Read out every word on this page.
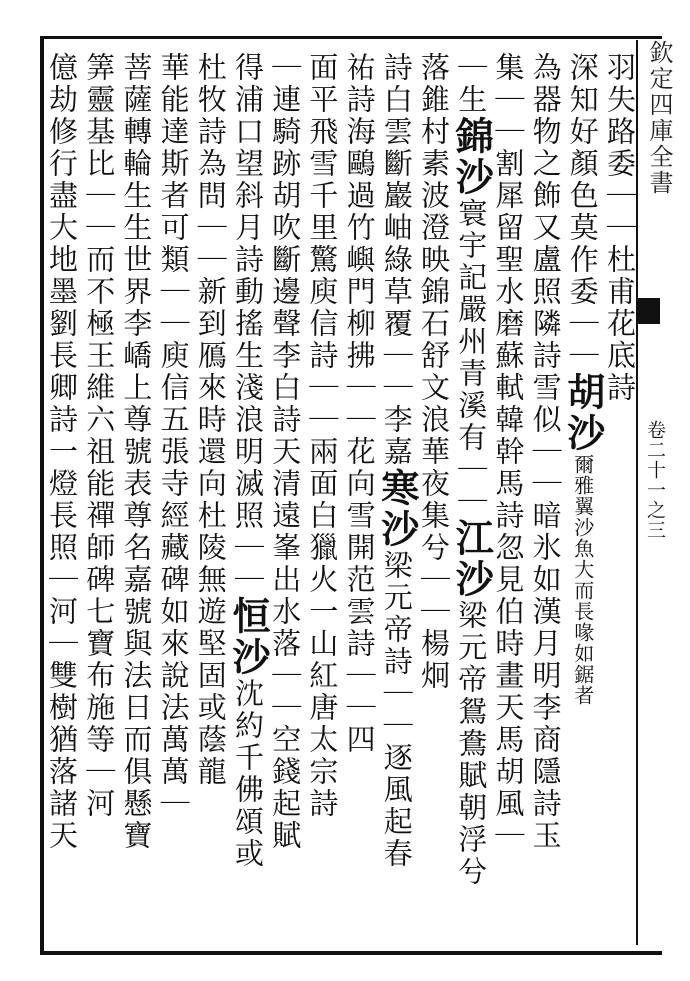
欽定四庫全書
卷二十一之三
羽失路委｜｜杜甫花底詩
深知好顏色莫作委｜｜胡沙爾雅翼沙魚大而長喙如鋸者
為器物之飾又盧照隣詩雪似｜｜暗氷如漢月明李商隱詩玉
集｜｜割犀留聖水磨蘇軾韓幹馬詩忽見伯時畫天馬胡風｜
｜生錦沙寰宇記嚴州青溪有｜｜江沙梁元帝鴛鴦賦朝浮兮
落錐村素波澄映錦石舒文浪華夜集兮｜｜楊炯
詩白雲斷巖岫綠草覆｜｜李嘉寒沙梁元帝詩｜｜逐風起春
祐詩海鷗過竹嶼門柳拂｜｜花向雪開范雲詩｜｜四
面平飛雪千里驚庾信詩｜｜兩面白獵火一山紅唐太宗詩
｜連騎跡胡吹斷邊聲李白詩天清遠峯出水落｜｜空錢起賦
得浦口望斜月詩動搖生淺浪明滅照｜｜恒沙沈約千佛頌或
杜牧詩為問｜｜新到鴈來時還向杜陵無遊堅固或蔭龍
華能達斯者可類｜｜庾信五張寺經藏碑如來說法萬萬｜
菩薩轉輪生生世界李嶠上尊號表尊名嘉號與法日而俱懸寶
筭靈基比｜｜而不極王維六祖能禪師碑七寶布施等｜河
億劫修行盡大地墨劉長卿詩一燈長照｜河｜雙樹猶落諸天
